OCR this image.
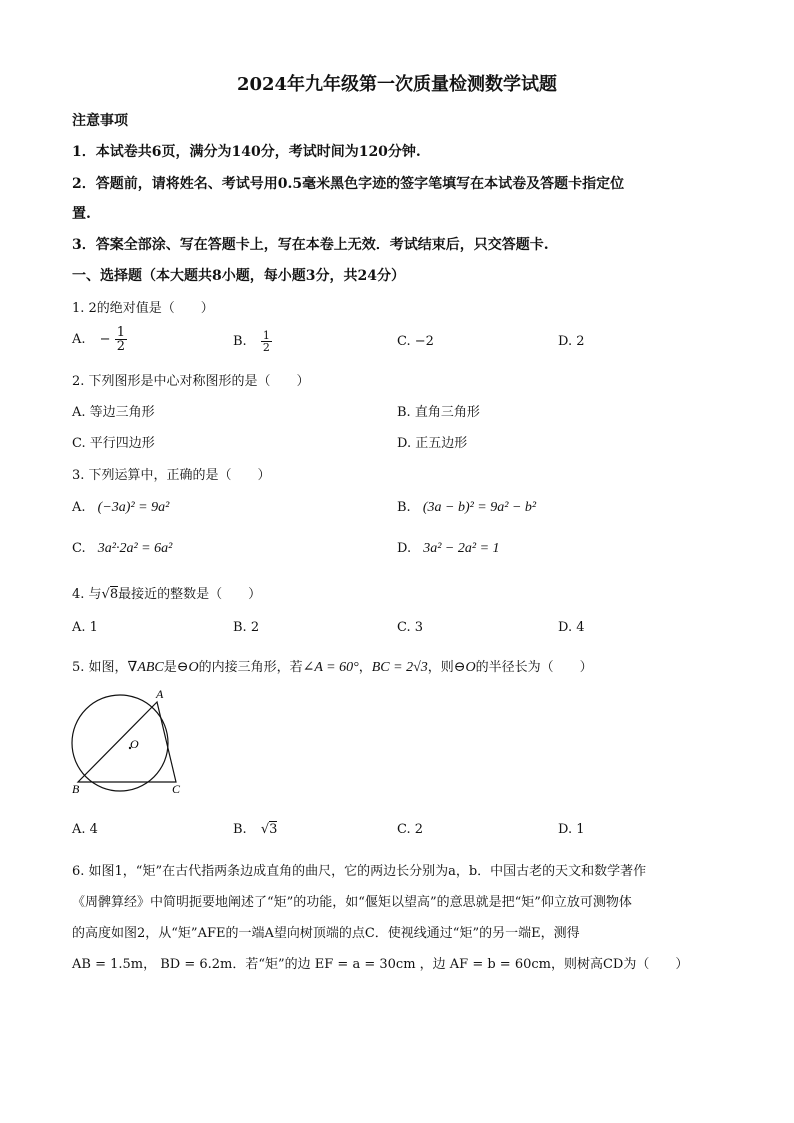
2024年九年级第一次质量检测数学试题
注意事项
1．本试卷共6页，满分为140分，考试时间为120分钟.
2．答题前，请将姓名、考试号用0.5毫米黑色字迹的签字笔填写在本试卷及答题卡指定位
置.
3．答案全部涂、写在答题卡上，写在本卷上无效．考试结束后，只交答题卡.
一、选择题（本大题共8小题，每小题3分，共24分）
1. 2的绝对值是（　　）
A. − $\frac{1}{2}$	B. $\frac{1}{2}$	C. −2	D. 2
2. 下列图形是中心对称图形的是（　　）
A. 等边三角形	B. 直角三角形
C. 平行四边形	D. 正五边形
3. 下列运算中，正确的是（　　）
A. (−3a)² = 9a²	B. (3a − b)² = 9a² − b²
C. 3a²·2a² = 6a²	D. 3a² − 2a² = 1
4. 与√8最接近的整数是（　　）
A. 1	B. 2	C. 3	D. 4
5. 如图，∇ABC是⊖O的内接三角形，若∠A = 60°，BC = 2√3，则⊖O的半径长为（　　）
A
B	C
O
A. 4	B. √3	C. 2	D. 1
6. 如图1，“矩”在古代指两条边成直角的曲尺，它的两边长分别为a，b．中国古老的天文和数学著作
《周髀算经》中简明扼要地阐述了“矩”的功能，如“偃矩以望高”的意思就是把“矩”仰立放可测物体
的高度如图2，从“矩”AFE的一端A望向树顶端的点C．使视线通过“矩”的另一端E，测得
AB = 1.5m， BD = 6.2m．若“矩”的边 EF = a = 30cm ，边 AF = b = 60cm，则树高CD为（　　）
